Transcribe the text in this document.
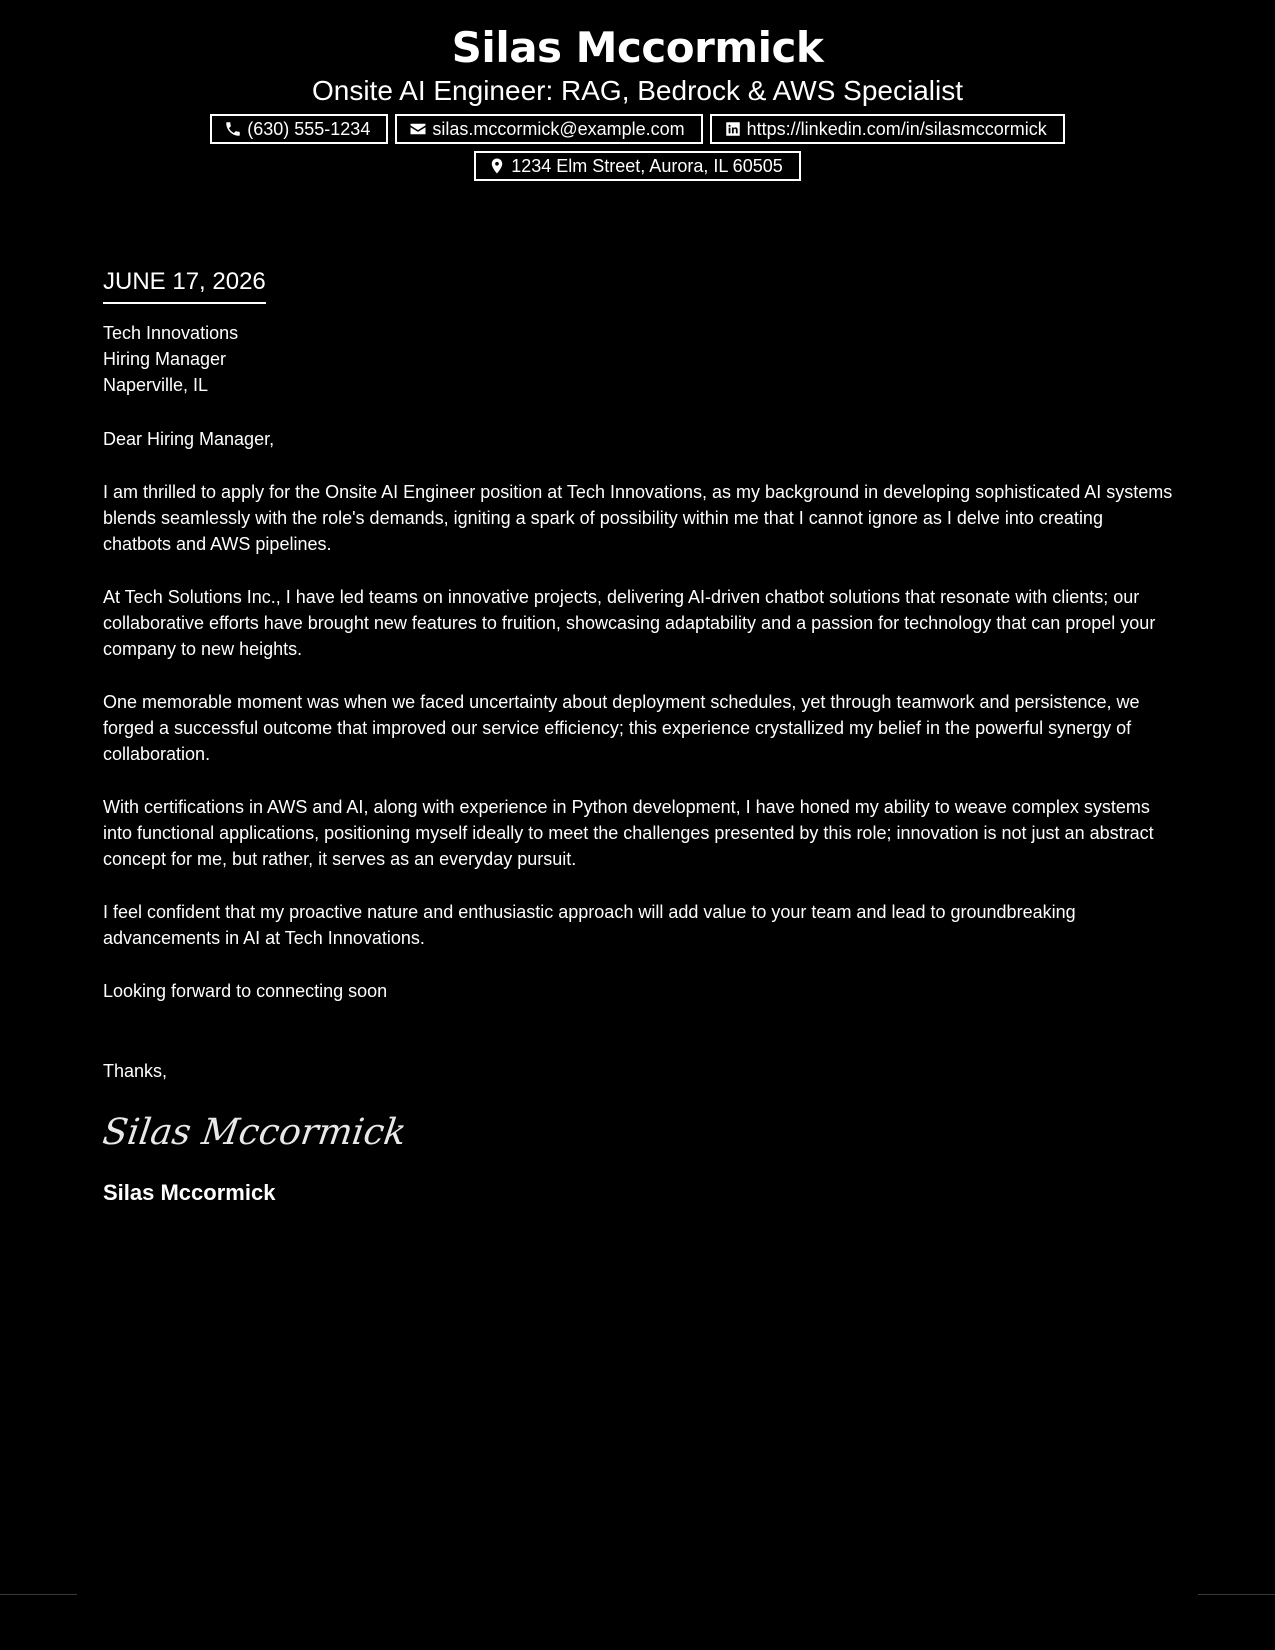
Silas Mccormick
Onsite AI Engineer: RAG, Bedrock & AWS Specialist
(630) 555-1234	silas.mccormick@example.com	https://linkedin.com/in/silasmccormick
1234 Elm Street, Aurora, IL 60505
JUNE 17, 2026
Tech Innovations
Hiring Manager
Naperville, IL
Dear Hiring Manager,
I am thrilled to apply for the Onsite AI Engineer position at Tech Innovations, as my background in developing sophisticated AI systems blends seamlessly with the role's demands, igniting a spark of possibility within me that I cannot ignore as I delve into creating chatbots and AWS pipelines.
At Tech Solutions Inc., I have led teams on innovative projects, delivering AI-driven chatbot solutions that resonate with clients; our collaborative efforts have brought new features to fruition, showcasing adaptability and a passion for technology that can propel your company to new heights.
One memorable moment was when we faced uncertainty about deployment schedules, yet through teamwork and persistence, we forged a successful outcome that improved our service efficiency; this experience crystallized my belief in the powerful synergy of collaboration.
With certifications in AWS and AI, along with experience in Python development, I have honed my ability to weave complex systems into functional applications, positioning myself ideally to meet the challenges presented by this role; innovation is not just an abstract concept for me, but rather, it serves as an everyday pursuit.
I feel confident that my proactive nature and enthusiastic approach will add value to your team and lead to groundbreaking advancements in AI at Tech Innovations.
Looking forward to connecting soon
Thanks,
Silas Mccormick
Silas Mccormick
